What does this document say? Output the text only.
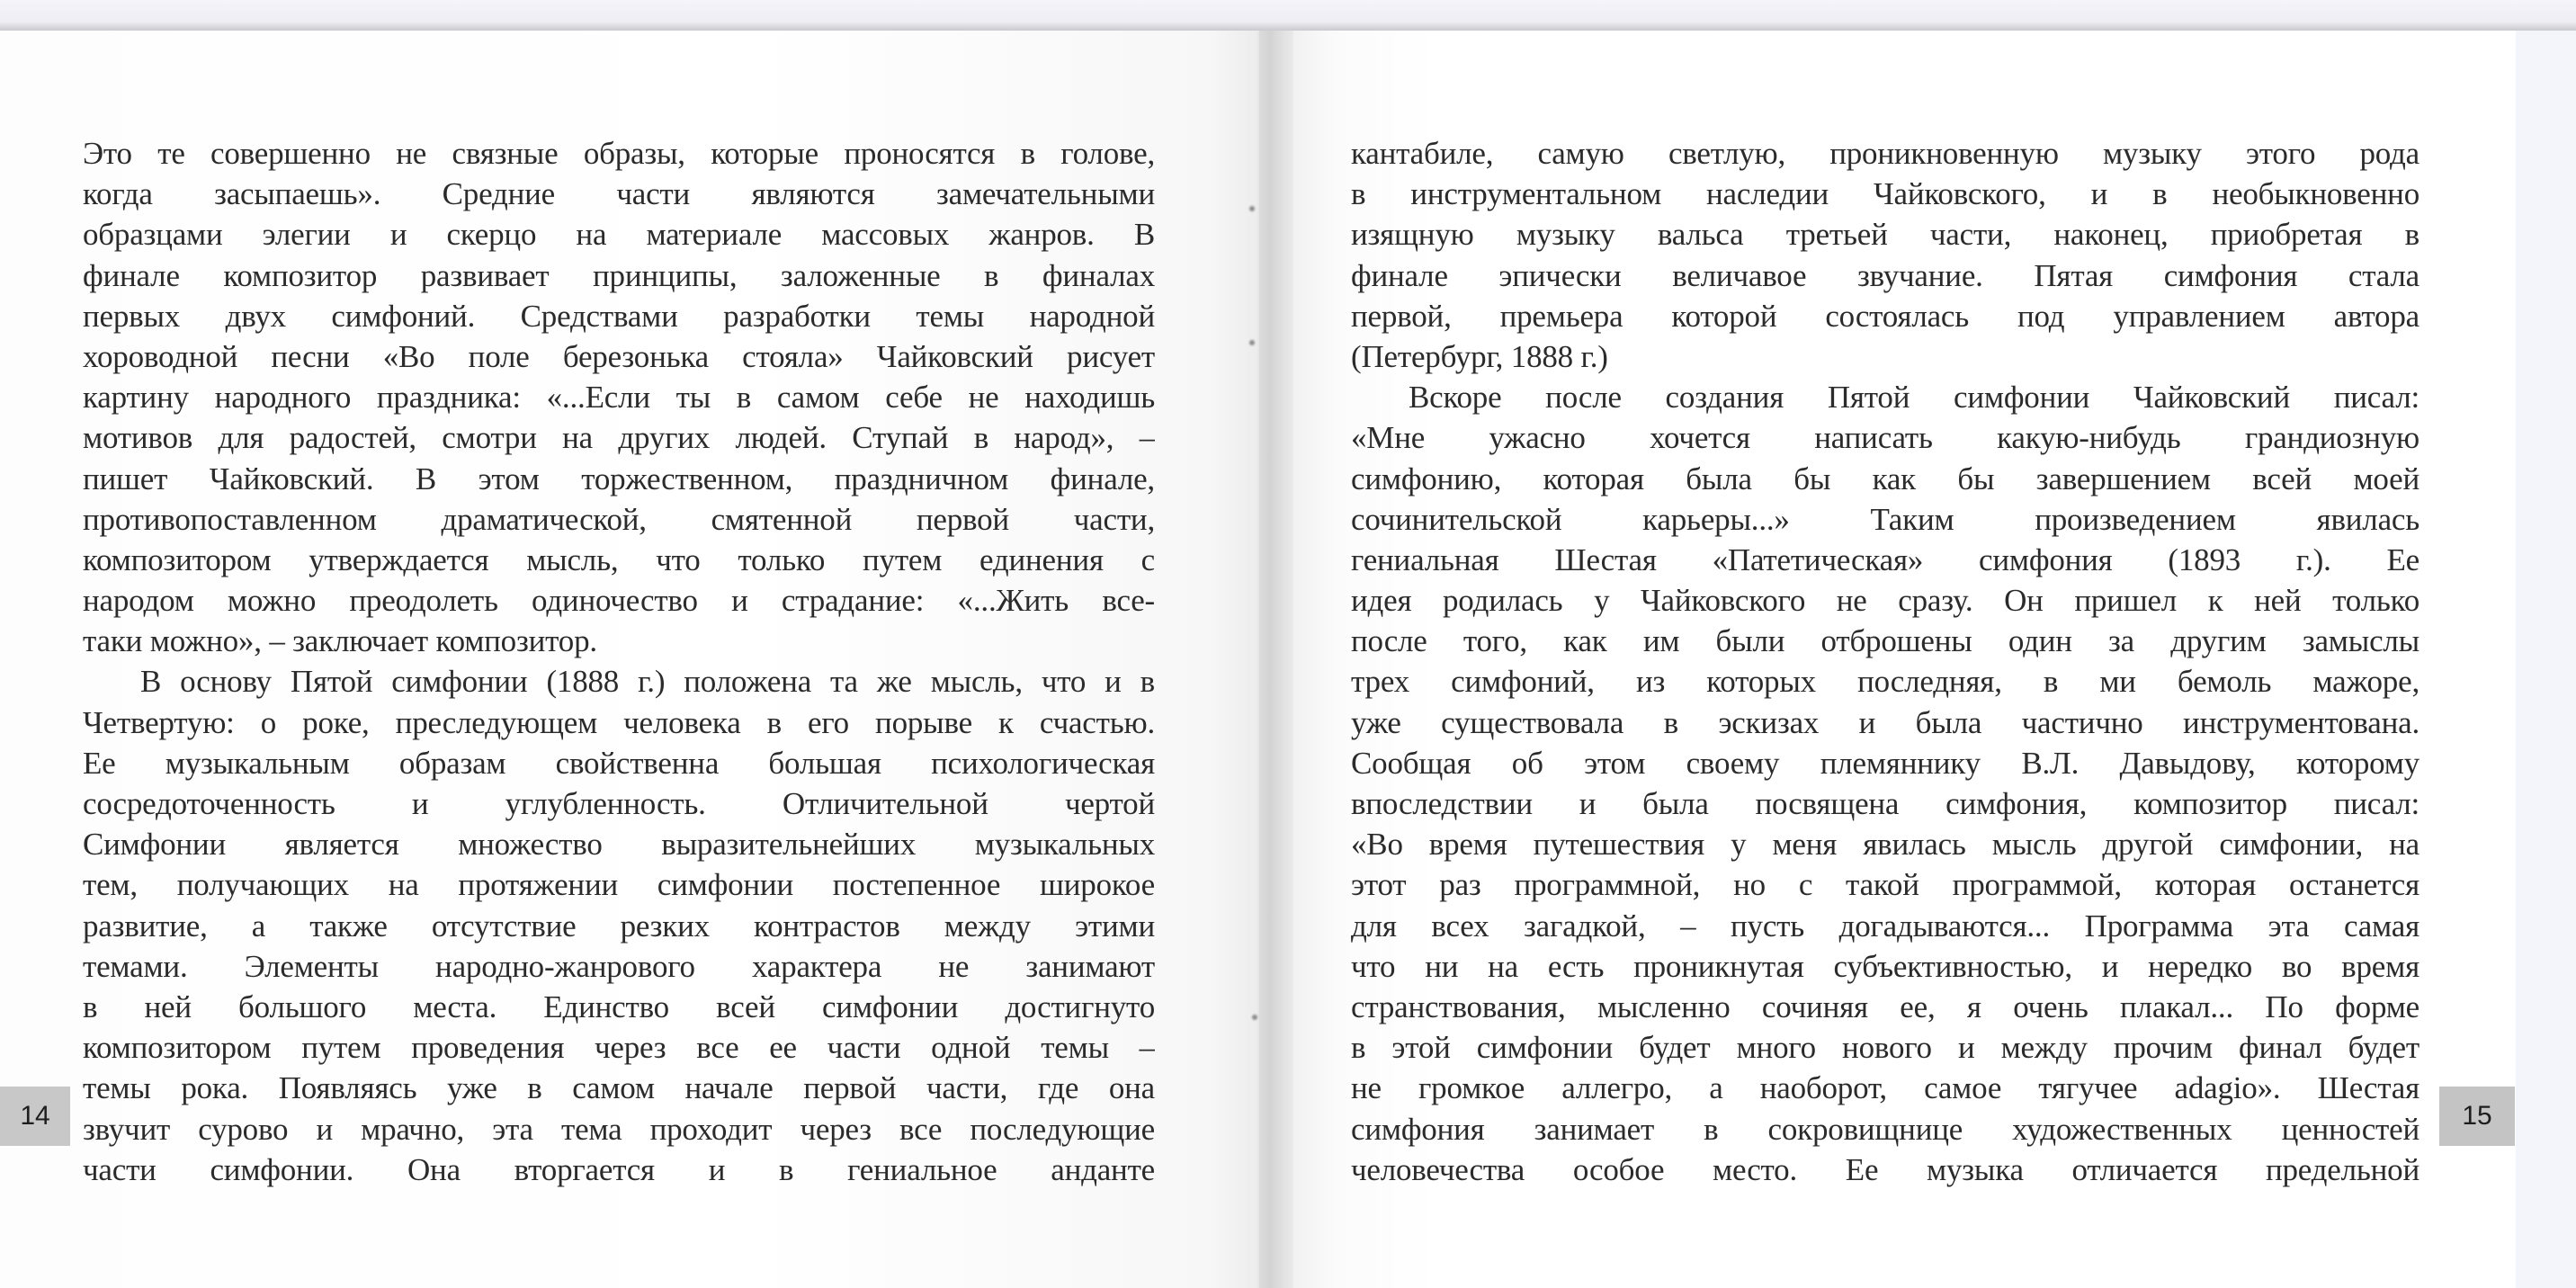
Это те совершенно не связные образы, которые проносятся в голове,
когда засыпаешь». Средние части являются замечательными
образцами элегии и скерцо на материале массовых жанров. В
финале композитор развивает принципы, заложенные в финалах
первых двух симфоний. Средствами разработки темы народной
хороводной песни «Во поле березонька стояла» Чайковский рисует
картину народного праздника: «...Если ты в самом себе не находишь
мотивов для радостей, смотри на других людей. Ступай в народ», –
пишет Чайковский. В этом торжественном, праздничном финале,
противопоставленном драматической, смятенной первой части,
композитором утверждается мысль, что только путем единения с
народом можно преодолеть одиночество и страдание: «...Жить все-
таки можно», – заключает композитор.
В основу Пятой симфонии (1888 г.) положена та же мысль, что и в
Четвертую: о роке, преследующем человека в его порыве к счастью.
Ее музыкальным образам свойственна большая психологическая
сосредоточенность и углубленность. Отличительной чертой
Симфонии является множество выразительнейших музыкальных
тем, получающих на протяжении симфонии постепенное широкое
развитие, а также отсутствие резких контрастов между этими
темами. Элементы народно-жанрового характера не занимают
в ней большого места. Единство всей симфонии достигнуто
композитором путем проведения через все ее части одной темы –
темы рока. Появляясь уже в самом начале первой части, где она
звучит сурово и мрачно, эта тема проходит через все последующие
части симфонии. Она вторгается и в гениальное анданте
кантабиле, самую светлую, проникновенную музыку этого рода
в инструментальном наследии Чайковского, и в необыкновенно
изящную музыку вальса третьей части, наконец, приобретая в
финале эпически величавое звучание. Пятая симфония стала
первой, премьера которой состоялась под управлением автора
(Петербург, 1888 г.)
Вскоре после создания Пятой симфонии Чайковский писал:
«Мне ужасно хочется написать какую-нибудь грандиозную
симфонию, которая была бы как бы завершением всей моей
сочинительской карьеры...» Таким произведением явилась
гениальная Шестая «Патетическая» симфония (1893 г.). Ее
идея родилась у Чайковского не сразу. Он пришел к ней только
после того, как им были отброшены один за другим замыслы
трех симфоний, из которых последняя, в ми бемоль мажоре,
уже существовала в эскизах и была частично инструментована.
Сообщая об этом своему племяннику В.Л. Давыдову, которому
впоследствии и была посвящена симфония, композитор писал:
«Во время путешествия у меня явилась мысль другой симфонии, на
этот раз программной, но с такой программой, которая останется
для всех загадкой, – пусть догадываются... Программа эта самая
что ни на есть проникнутая субъективностью, и нередко во время
странствования, мысленно сочиняя ее, я очень плакал... По форме
в этой симфонии будет много нового и между прочим финал будет
не громкое аллегро, а наоборот, самое тягучее adagio». Шестая
симфония занимает в сокровищнице художественных ценностей
человечества особое место. Ее музыка отличается предельной
14	15
